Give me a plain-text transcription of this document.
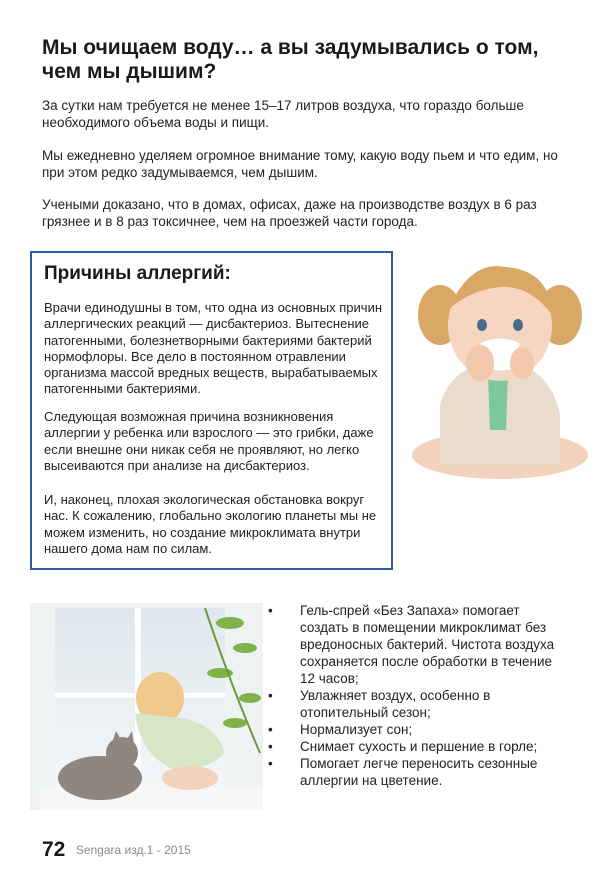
Мы очищаем воду… а вы задумывались о том, чем мы дышим?

За сутки нам требуется не менее 15–17 литров воздуха, что гораздо больше необходимого объема воды и пищи.

Мы ежедневно уделяем огромное внимание тому, какую воду пьем и что едим, но при этом редко задумываемся, чем дышим.

Учеными доказано, что в домах, офисах, даже на производстве воздух в 6 раз грязнее и в 8 раз токсичнее, чем на проезжей части города.

Причины аллергий:

Врачи единодушны в том, что одна из основных причин аллергических реакций — дисбактериоз. Вытеснение патогенными, болезнетворными бактериями бактерий нормофлоры. Все дело в постоянном отравлении организма массой вредных веществ, вырабатываемых патогенными бактериями.

Следующая возможная причина возникновения аллергии у ребенка или взрослого — это грибки, даже если внешне они никак себя не проявляют, но легко высеиваются при анализе на дисбактериоз.

И, наконец, плохая экологическая обстановка вокруг нас. К сожалению, глобально экологию планеты мы не можем изменить, но создание микроклимата внутри нашего дома нам по силам.

• Гель-спрей «Без Запаха» помогает создать в помещении микроклимат без вредоносных бактерий. Чистота воздуха сохраняется после обработки в течение 12 часов;
• Увлажняет воздух, особенно в отопительный сезон;
• Нормализует сон;
• Снимает сухость и першение в горле;
• Помогает легче переносить сезонные аллергии на цветение.
72 Sengara изд.1 - 2015
